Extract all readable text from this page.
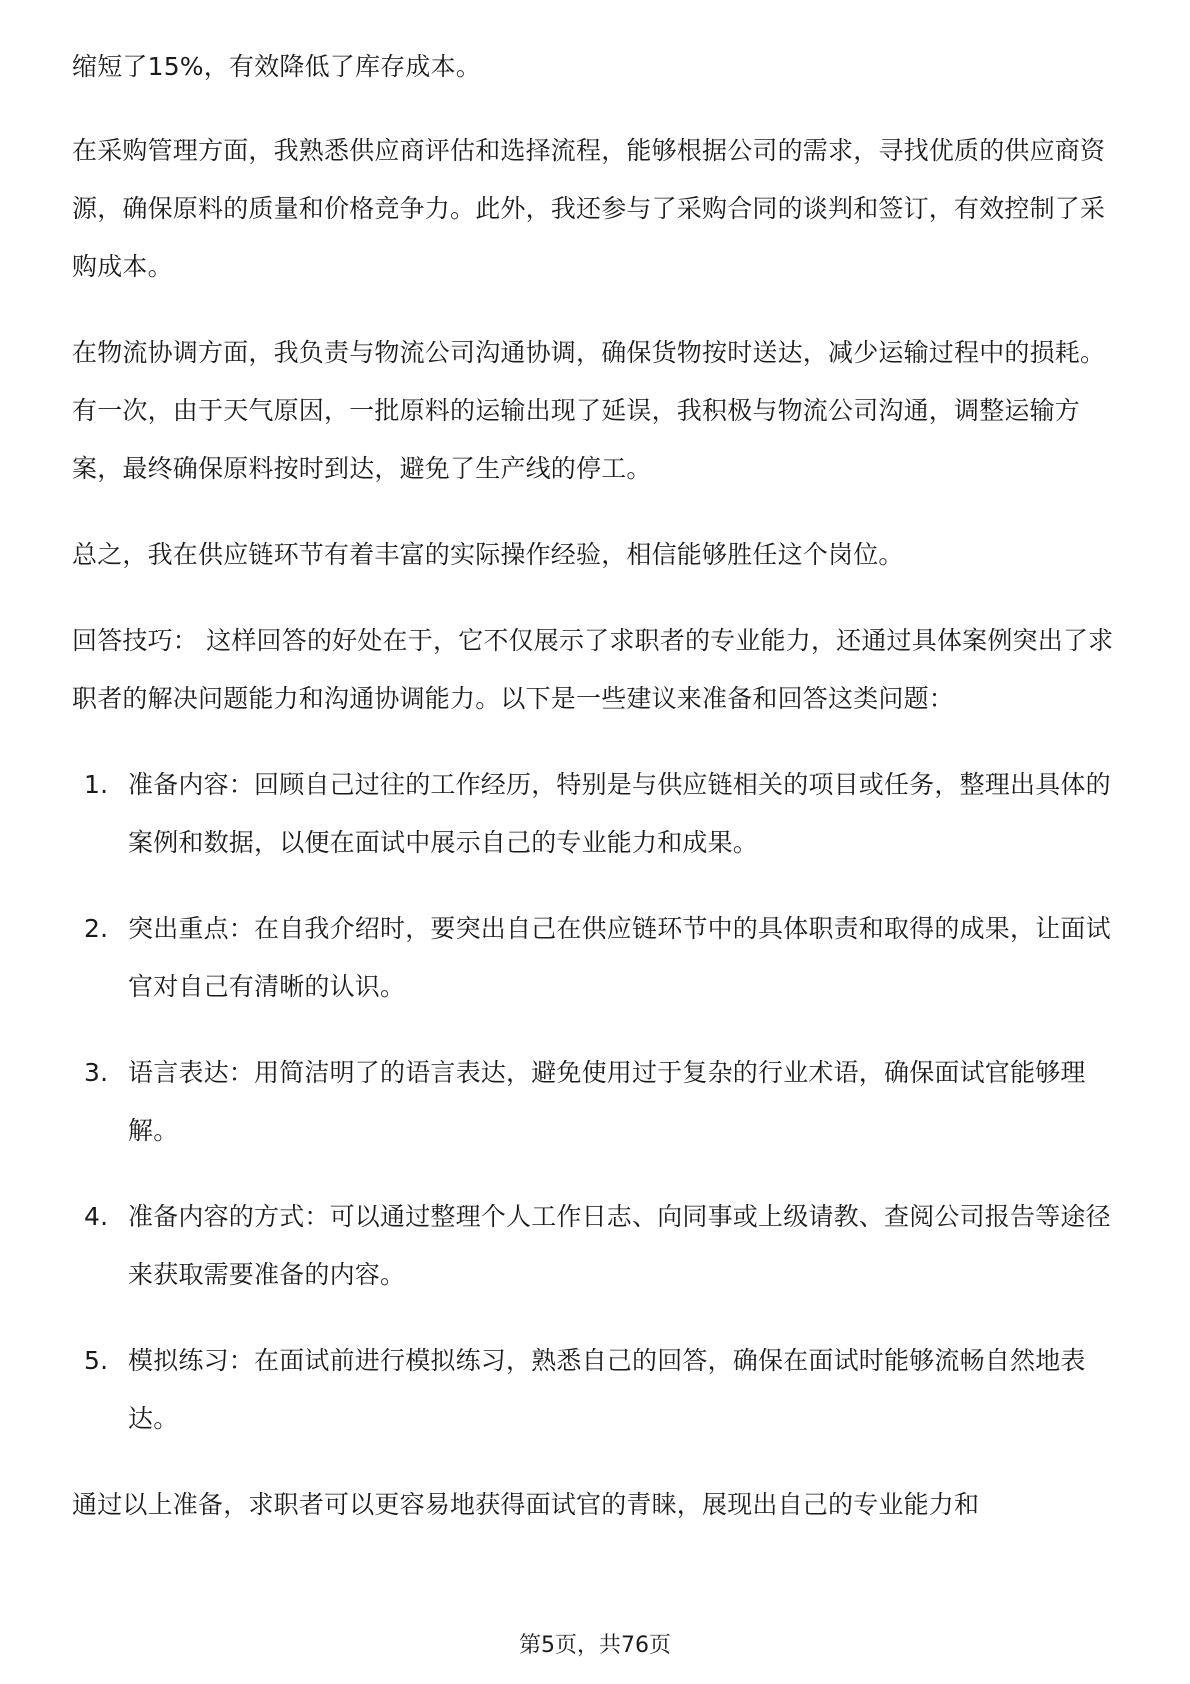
缩短了15%，有效降低了库存成本。

在采购管理方面，我熟悉供应商评估和选择流程，能够根据公司的需求，寻找优质的供应商资源，确保原料的质量和价格竞争力。此外，我还参与了采购合同的谈判和签订，有效控制了采购成本。

在物流协调方面，我负责与物流公司沟通协调，确保货物按时送达，减少运输过程中的损耗。有一次，由于天气原因，一批原料的运输出现了延误，我积极与物流公司沟通，调整运输方案，最终确保原料按时到达，避免了生产线的停工。

总之，我在供应链环节有着丰富的实际操作经验，相信能够胜任这个岗位。

回答技巧： 这样回答的好处在于，它不仅展示了求职者的专业能力，还通过具体案例突出了求职者的解决问题能力和沟通协调能力。以下是一些建议来准备和回答这类问题：

1. 准备内容：回顾自己过往的工作经历，特别是与供应链相关的项目或任务，整理出具体的案例和数据，以便在面试中展示自己的专业能力和成果。
2. 突出重点：在自我介绍时，要突出自己在供应链环节中的具体职责和取得的成果，让面试官对自己有清晰的认识。
3. 语言表达：用简洁明了的语言表达，避免使用过于复杂的行业术语，确保面试官能够理解。
4. 准备内容的方式：可以通过整理个人工作日志、向同事或上级请教、查阅公司报告等途径来获取需要准备的内容。
5. 模拟练习：在面试前进行模拟练习，熟悉自己的回答，确保在面试时能够流畅自然地表达。

通过以上准备，求职者可以更容易地获得面试官的青睐，展现出自己的专业能力和

第5页，共76页
